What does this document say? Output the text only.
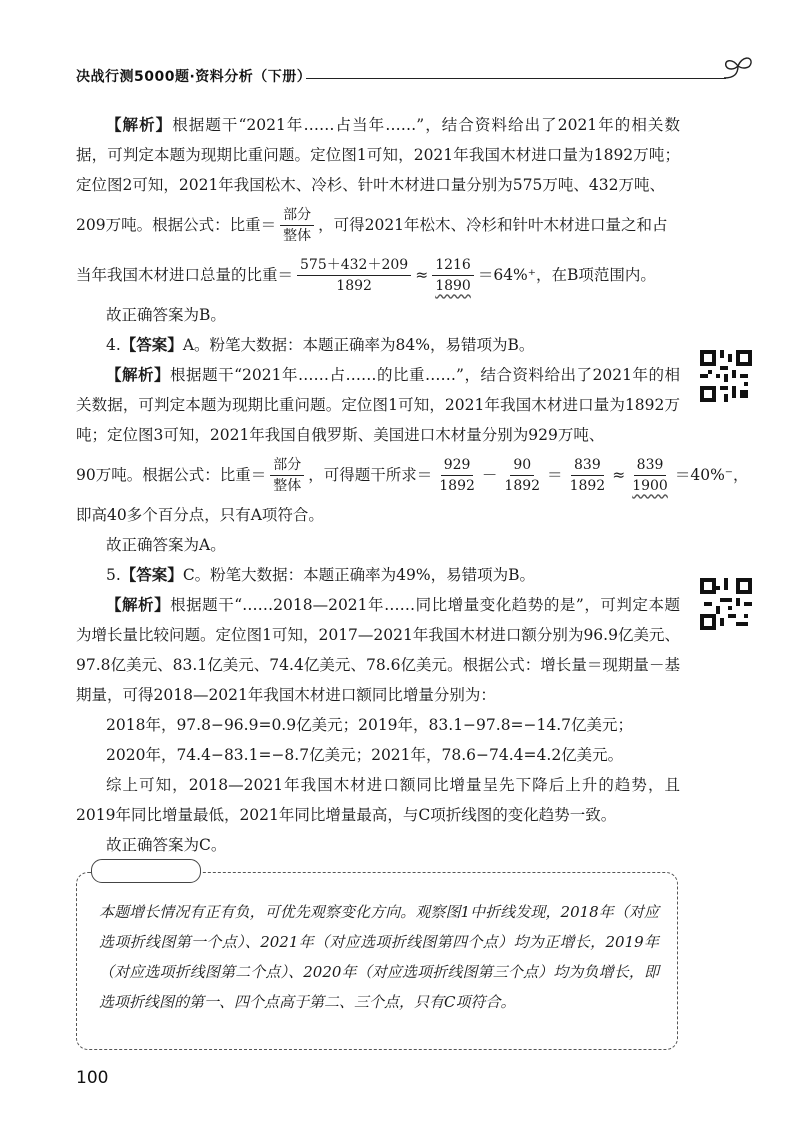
决战行测5000题·资料分析（下册）

【解析】根据题干“2021年……占当年……”，结合资料给出了2021年的相关数据，可判定本题为现期比重问题。定位图1可知，2021年我国木材进口量为1892万吨；定位图2可知，2021年我国松木、冷杉、针叶木材进口量分别为575万吨、432万吨、

209万吨。根据公式：比重＝ $\frac{\text{部分}}{\text{整体}}$ ，可得2021年松木、冷杉和针叶木材进口量之和占

当年我国木材进口总量的比重＝ $\frac{575+432+209}{1892} \approx \frac{1216}{1890} =64\%^+$，在B项范围内。

故正确答案为B。

4.【答案】A。粉笔大数据：本题正确率为84%，易错项为B。

【解析】根据题干“2021年……占……的比重……”，结合资料给出了2021年的相关数据，可判定本题为现期比重问题。定位图1可知，2021年我国木材进口量为1892万吨；定位图3可知，2021年我国自俄罗斯、美国进口木材量分别为929万吨、

90万吨。根据公式：比重＝ $\frac{\text{部分}}{\text{整体}}$ ，可得题干所求＝ $\frac{929}{1892} - \frac{90}{1892} = \frac{839}{1892} \approx \frac{839}{1900} =40\%^-$，

即高40多个百分点，只有A项符合。

故正确答案为A。

5.【答案】C。粉笔大数据：本题正确率为49%，易错项为B。

【解析】根据题干“……2018—2021年……同比增量变化趋势的是”，可判定本题为增长量比较问题。定位图1可知，2017—2021年我国木材进口额分别为96.9亿美元、97.8亿美元、83.1亿美元、74.4亿美元、78.6亿美元。根据公式：增长量＝现期量－基期量，可得2018—2021年我国木材进口额同比增量分别为：

2018年，97.8−96.9=0.9亿美元；2019年，83.1−97.8=−14.7亿美元；

2020年，74.4−83.1=−8.7亿美元；2021年，78.6−74.4=4.2亿美元。

综上可知，2018—2021年我国木材进口额同比增量呈先下降后上升的趋势，且2019年同比增量最低，2021年同比增量最高，与C项折线图的变化趋势一致。

故正确答案为C。

本题增长情况有正有负，可优先观察变化方向。观察图1中折线发现，2018年（对应选项折线图第一个点）、2021年（对应选项折线图第四个点）均为正增长，2019年（对应选项折线图第二个点）、2020年（对应选项折线图第三个点）均为负增长，即选项折线图的第一、四个点高于第二、三个点，只有C项符合。
100
